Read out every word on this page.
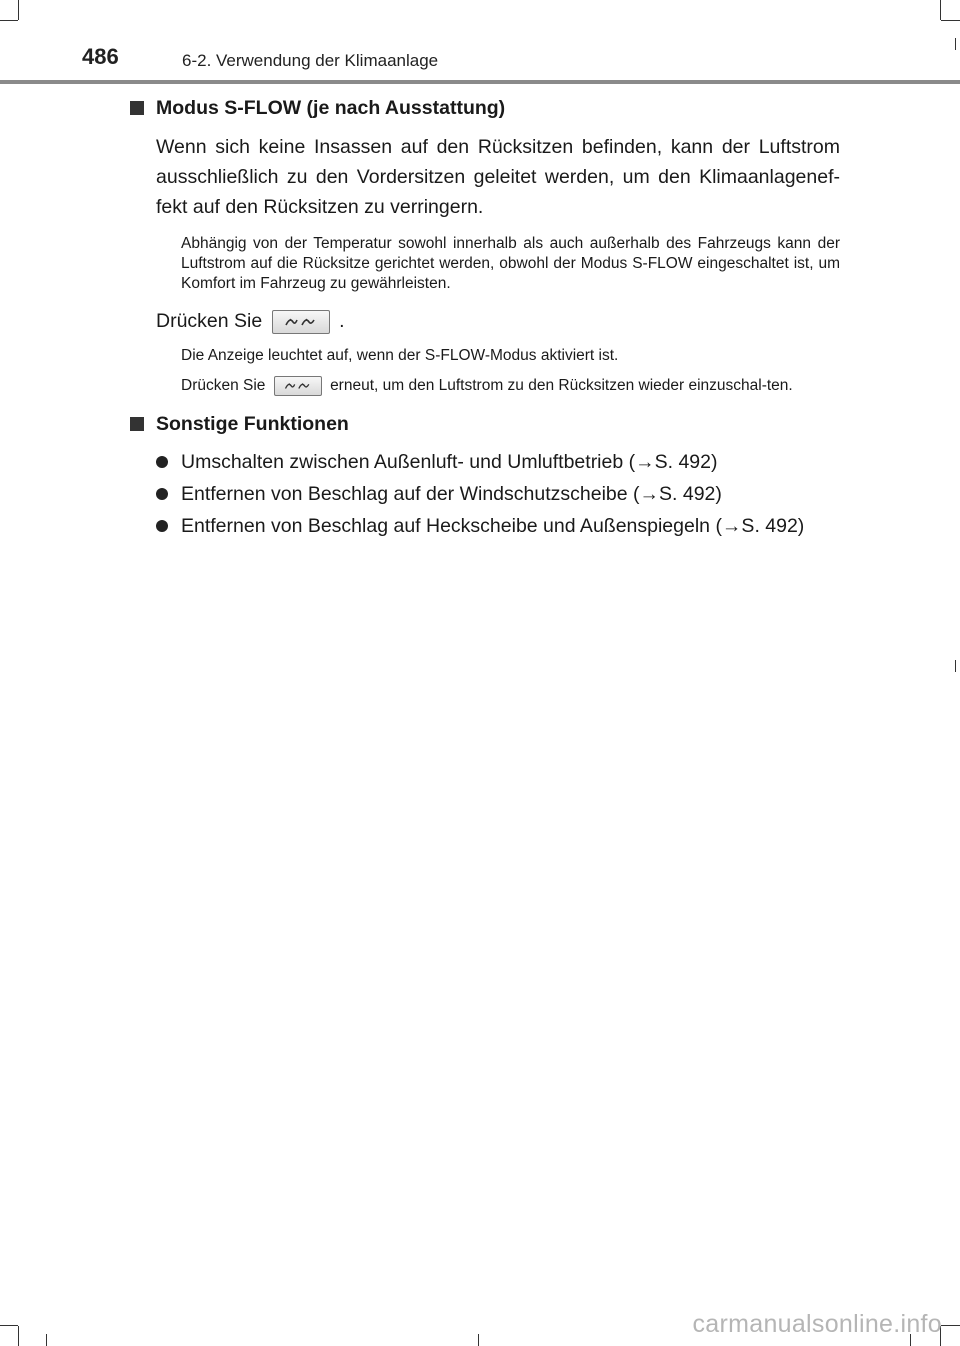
486	6-2. Verwendung der Klimaanlage
Modus S-FLOW (je nach Ausstattung)

Wenn sich keine Insassen auf den Rücksitzen befinden, kann der Luftstrom ausschließlich zu den Vordersitzen geleitet werden, um den Klimaanlagenef-fekt auf den Rücksitzen zu verringern.

Abhängig von der Temperatur sowohl innerhalb als auch außerhalb des Fahrzeugs kann der Luftstrom auf die Rücksitze gerichtet werden, obwohl der Modus S-FLOW eingeschaltet ist, um Komfort im Fahrzeug zu gewährleisten.

Drücken Sie	.

Die Anzeige leuchtet auf, wenn der S-FLOW-Modus aktiviert ist.

Drücken Sie	erneut, um den Luftstrom zu den Rücksitzen wieder einzuschal-ten.

Sonstige Funktionen
Umschalten zwischen Außenluft- und Umluftbetrieb (→S. 492)
Entfernen von Beschlag auf der Windschutzscheibe (→S. 492)
Entfernen von Beschlag auf Heckscheibe und Außenspiegeln (→S. 492)
carmanualsonline.info
